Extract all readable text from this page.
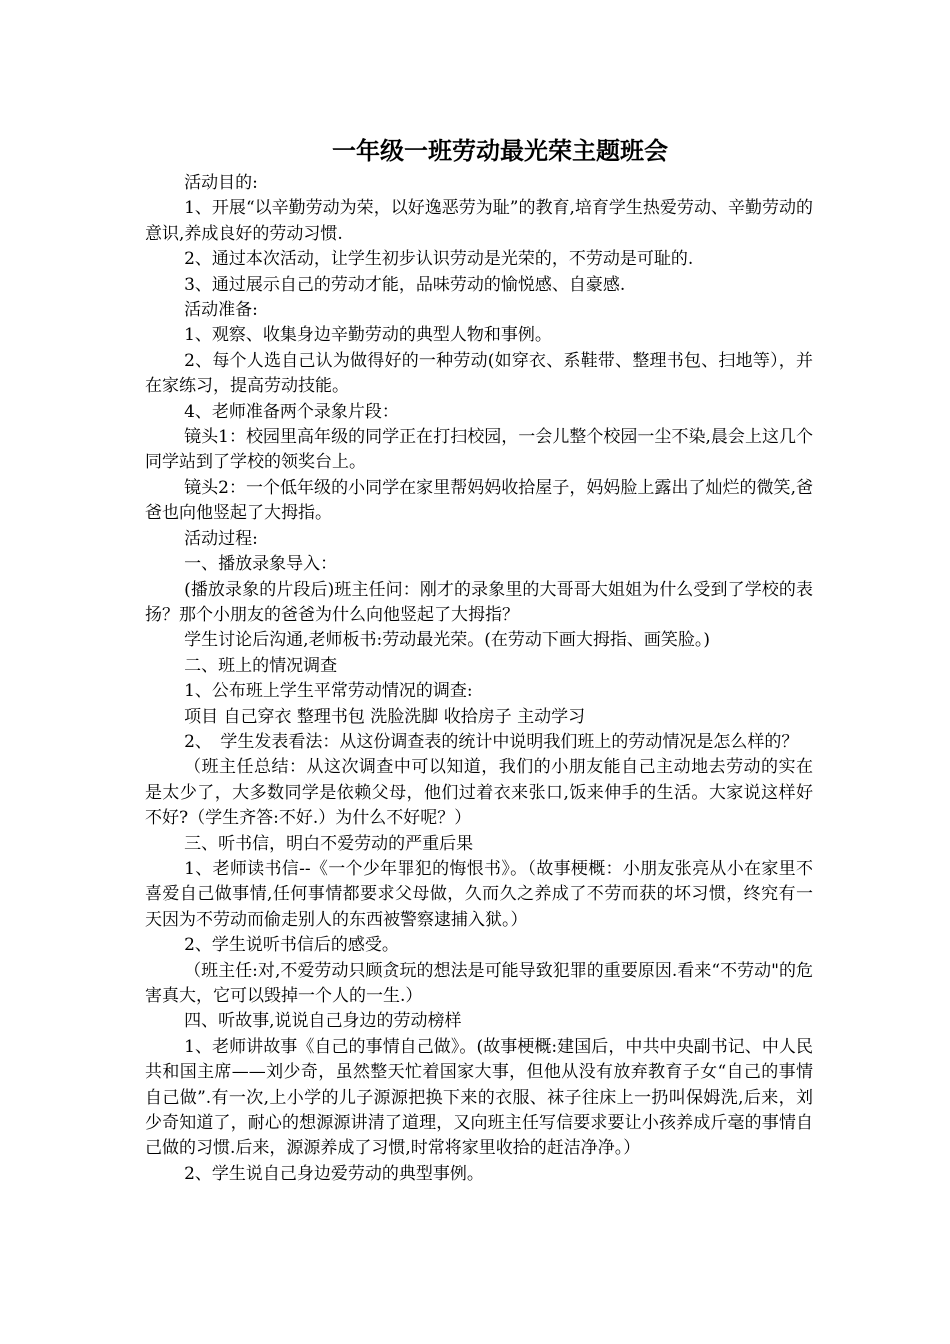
一年级一班劳动最光荣主题班会

活动目的:

1、开展“以辛勤劳动为荣，以好逸恶劳为耻”的教育,培育学生热爱劳动、辛勤劳动的意识,养成良好的劳动习惯.

2、通过本次活动，让学生初步认识劳动是光荣的，不劳动是可耻的.

3、通过展示自己的劳动才能，品味劳动的愉悦感、自豪感.

活动准备:

1、观察、收集身边辛勤劳动的典型人物和事例。

2、每个人选自己认为做得好的一种劳动(如穿衣、系鞋带、整理书包、扫地等），并在家练习，提高劳动技能。

4、老师准备两个录象片段：

镜头1：校园里高年级的同学正在打扫校园，一会儿整个校园一尘不染,晨会上这几个同学站到了学校的领奖台上。

镜头2：一个低年级的小同学在家里帮妈妈收拾屋子，妈妈脸上露出了灿烂的微笑,爸爸也向他竖起了大拇指。

活动过程:

一、播放录象导入：

(播放录象的片段后)班主任问：刚才的录象里的大哥哥大姐姐为什么受到了学校的表扬？那个小朋友的爸爸为什么向他竖起了大拇指？

学生讨论后沟通,老师板书:劳动最光荣。(在劳动下画大拇指、画笑脸。)

二、班上的情况调查

1、公布班上学生平常劳动情况的调查:

项目 自己穿衣 整理书包 洗脸洗脚 收拾房子 主动学习

2、　学生发表看法：从这份调查表的统计中说明我们班上的劳动情况是怎么样的？

（班主任总结：从这次调查中可以知道，我们的小朋友能自己主动地去劳动的实在是太少了，大多数同学是依赖父母，他们过着衣来张口,饭来伸手的生活。大家说这样好不好?（学生齐答:不好.）为什么不好呢？）

三、听书信，明白不爱劳动的严重后果

1、老师读书信--《一个少年罪犯的悔恨书》。（故事梗概：小朋友张亮从小在家里不喜爱自己做事情,任何事情都要求父母做，久而久之养成了不劳而获的坏习惯，终究有一天因为不劳动而偷走别人的东西被警察逮捕入狱。）

2、学生说听书信后的感受。

（班主任:对,不爱劳动只顾贪玩的想法是可能导致犯罪的重要原因.看来“不劳动"的危害真大，它可以毁掉一个人的一生.）

四、听故事,说说自己身边的劳动榜样

1、老师讲故事《自己的事情自己做》。(故事梗概:建国后，中共中央副书记、中人民共和国主席——刘少奇，虽然整天忙着国家大事，但他从没有放弃教育子女“自己的事情自己做”.有一次,上小学的儿子源源把换下来的衣服、袜子往床上一扔叫保姆洗,后来，刘少奇知道了，耐心的想源源讲清了道理，又向班主任写信要求要让小孩养成斤毫的事情自己做的习惯.后来，源源养成了习惯,时常将家里收拾的赶洁净净。）

2、学生说自己身边爱劳动的典型事例。
